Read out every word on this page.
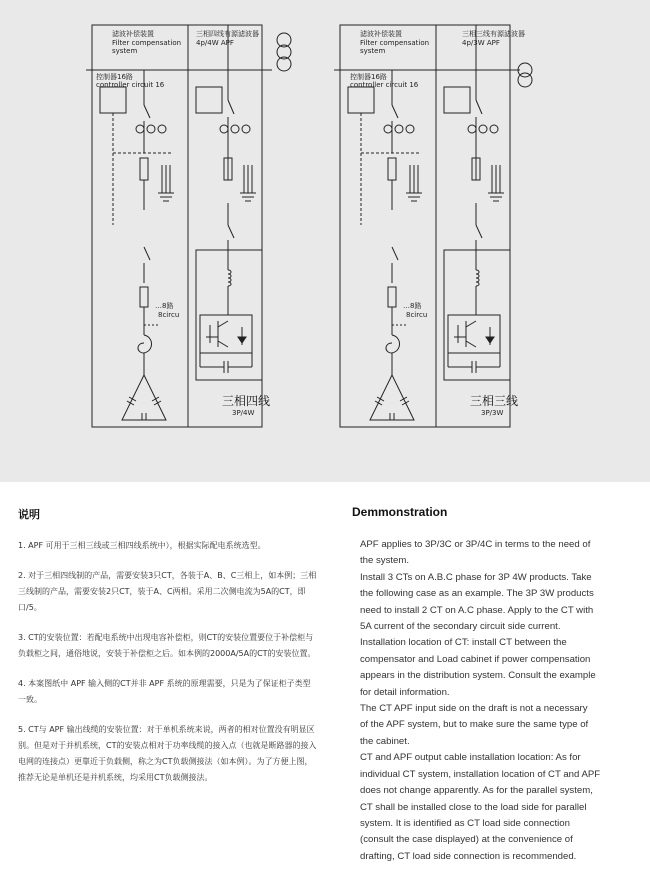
滤波补偿装置
Filter compensation
system
三相四线有源滤波器
4p/4W APF
控制器16路
controller circuit 16
…8路
8circu
三相四线
3P/4W
滤波补偿装置
Filter compensation
system
三相三线有源滤波器
4p/3W APF
控制器16路
controller circuit 16
…8路
8circu
三相三线
3P/3W
说明	Demmonstration
1. APF 可用于三相三线或三相四线系统中），根据实际配电系统选型。
2. 对于三相四线制的产品，需要安装3只CT，各装于A、B、C三相上，如本例；三相三线制的产品，需要安装2只CT，装于A、C两相。采用二次侧电流为5A的CT，即口/5。
3. CT的安装位置：若配电系统中出现电容补偿柜，则CT的安装位置要位于补偿柜与负载柜之间，通俗地说，安装于补偿柜之后。如本例的2000A/5A的CT的安装位置。
4. 本案图纸中 APF 输入侧的CT并非 APF 系统的原理需要，只是为了保证柜子类型一致。
5. CT与 APF 输出线缆的安装位置：对于单机系统来说，两者的相对位置没有明显区别。但是对于并机系统，CT的安装点相对于功率线缆的接入点（也就是断路器的接入电网的连接点）更靠近于负载侧，称之为CT负载侧接法（如本例）。为了方便上图，推荐无论是单机还是并机系统，均采用CT负载侧接法。
APF applies to 3P/3C or 3P/4C in terms to the need of
the system.
Install 3 CTs on A.B.C phase for 3P 4W products. Take
the following case as an example. The 3P 3W products
need to install 2 CT on A.C phase. Apply to the CT with
5A current of the secondary circuit side current.
Installation location of CT: install CT between the
compensator and Load cabinet if power compensation
appears in the distribution system. Consult the example
for detail information.
The CT APF input side on the draft is not a necessary
of the APF system, but to make sure the same type of
the cabinet.
CT and APF output cable installation location: As for
individual CT system, installation location of CT and APF
does not change apparently. As for the parallel system,
CT shall be installed close to the load side for parallel
system. It is identified as CT load side connection
(consult the case displayed) at the convenience of
drafting, CT load side connection is recommended.
